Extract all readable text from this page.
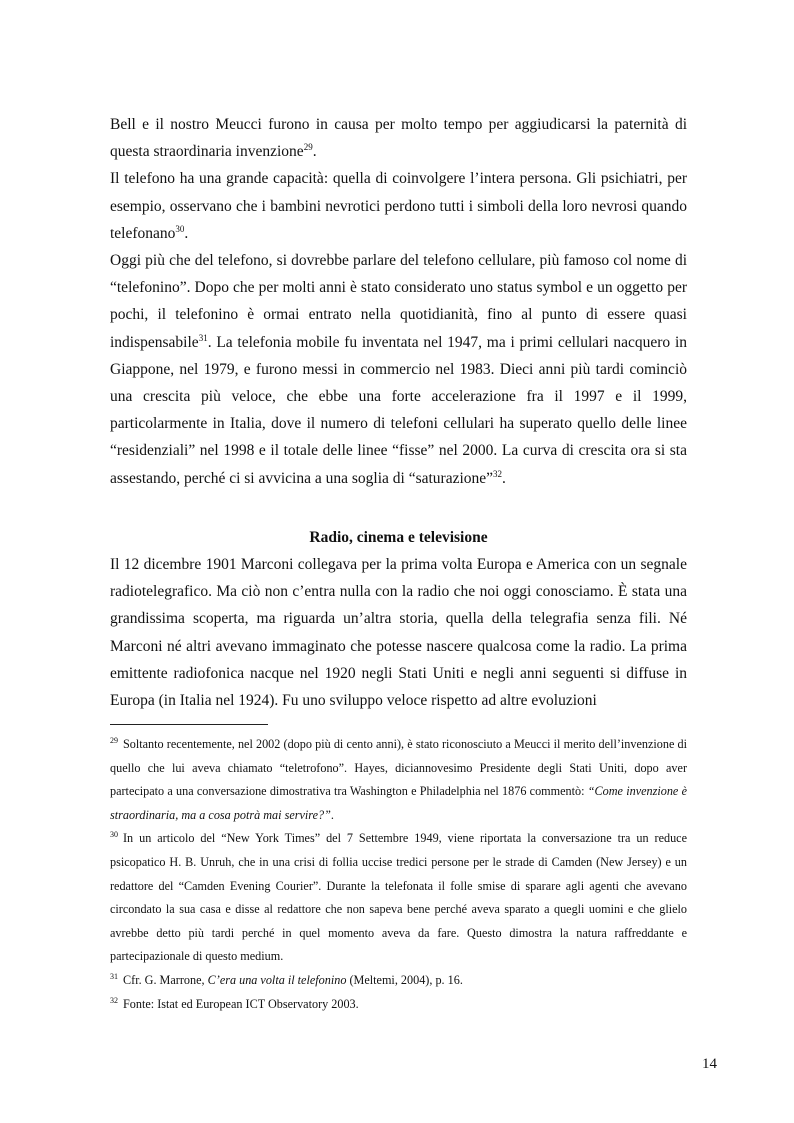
Bell e il nostro Meucci furono in causa per molto tempo per aggiudicarsi la paternità di questa straordinaria invenzione$^{29}$.

Il telefono ha una grande capacità: quella di coinvolgere l’intera persona. Gli psichiatri, per esempio, osservano che i bambini nevrotici perdono tutti i simboli della loro nevrosi quando telefonano$^{30}$.

Oggi più che del telefono, si dovrebbe parlare del telefono cellulare, più famoso col nome di “telefonino”. Dopo che per molti anni è stato considerato uno status symbol e un oggetto per pochi, il telefonino è ormai entrato nella quotidianità, fino al punto di essere quasi indispensabile$^{31}$. La telefonia mobile fu inventata nel 1947, ma i primi cellulari nacquero in Giappone, nel 1979, e furono messi in commercio nel 1983. Dieci anni più tardi cominciò una crescita più veloce, che ebbe una forte accelerazione fra il 1997 e il 1999, particolarmente in Italia, dove il numero di telefoni cellulari ha superato quello delle linee “residenziali” nel 1998 e il totale delle linee “fisse” nel 2000. La curva di crescita ora si sta assestando, perché ci si avvicina a una soglia di “saturazione”$^{32}$.

Radio, cinema e televisione

Il 12 dicembre 1901 Marconi collegava per la prima volta Europa e America con un segnale radiotelegrafico. Ma ciò non c’entra nulla con la radio che noi oggi conosciamo. È stata una grandissima scoperta, ma riguarda un’altra storia, quella della telegrafia senza fili. Né Marconi né altri avevano immaginato che potesse nascere qualcosa come la radio. La prima emittente radiofonica nacque nel 1920 negli Stati Uniti e negli anni seguenti si diffuse in Europa (in Italia nel 1924). Fu uno sviluppo veloce rispetto ad altre evoluzioni

$^{29}$ Soltanto recentemente, nel 2002 (dopo più di cento anni), è stato riconosciuto a Meucci il merito dell’invenzione di quello che lui aveva chiamato “teletrofono”. Hayes, diciannovesimo Presidente degli Stati Uniti, dopo aver partecipato a una conversazione dimostrativa tra Washington e Philadelphia nel 1876 commentò: “Come invenzione è straordinaria, ma a cosa potrà mai servire?”.

$^{30}$ In un articolo del “New York Times” del 7 Settembre 1949, viene riportata la conversazione tra un reduce psicopatico H. B. Unruh, che in una crisi di follia uccise tredici persone per le strade di Camden (New Jersey) e un redattore del “Camden Evening Courier”. Durante la telefonata il folle smise di sparare agli agenti che avevano circondato la sua casa e disse al redattore che non sapeva bene perché aveva sparato a quegli uomini e che glielo avrebbe detto più tardi perché in quel momento aveva da fare. Questo dimostra la natura raffreddante e partecipazionale di questo medium.

$^{31}$ Cfr. G. Marrone, C’era una volta il telefonino (Meltemi, 2004), p. 16.

$^{32}$ Fonte: Istat ed European ICT Observatory 2003.

14
